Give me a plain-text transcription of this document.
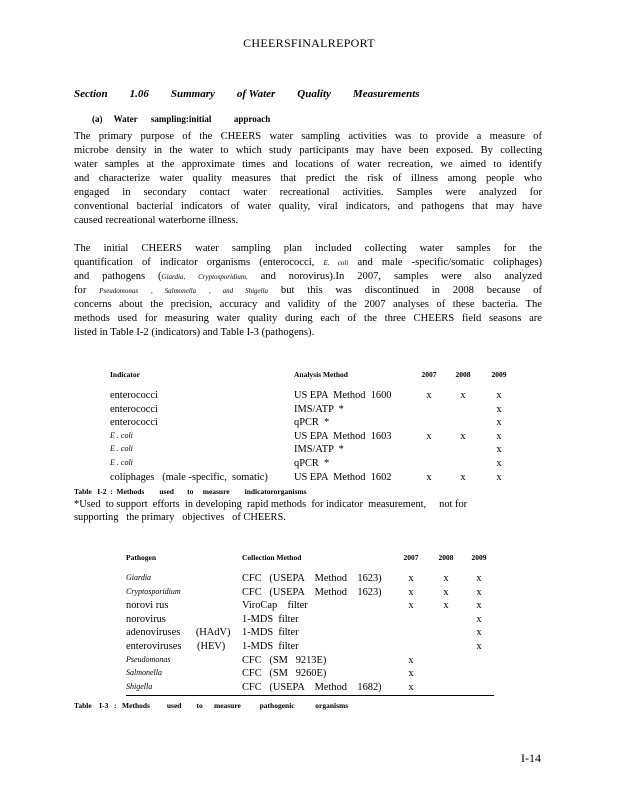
CHEERSFINALREPORT
Section 1.06 Summary of Water Quality Measurements
(a)     Water      sampling:initial          approach
The primary purpose of the CHEERS water sampling activities was to provide a measure of
microbe density in the water to which study participants may have been exposed. By collecting
water samples at the approximate times and locations of water recreation, we aimed to identify
and characterize water quality measures that predict the risk of illness among people who
engaged in secondary contact water recreational activities. Samples were analyzed for
conventional bacterial indicators of water quality, viral indicators, and pathogens that may have
caused recreational waterborne illness.
The initial CHEERS water sampling plan included collecting water samples for the
quantification of indicator organisms (enterococci, E. coli and male -specific/somatic coliphages)
and pathogens (Giardia, Cryptosporidium, and norovirus).In 2007, samples were also analyzed
for Pseudomonas , Salmonella , and Shigella but this was discontinued in 2008 because of
concerns about the precision, accuracy and validity of the 2007 analyses of these bacteria. The
methods used for measuring water quality during each of the three CHEERS field seasons are
listed in Table I-2 (indicators) and Table I-3 (pathogens).
Indicator	Analysis Method	2007	2008	2009
enterococci	US EPA  Method  1600	x	x	x
enterococci	IMS/ATP  *			x
enterococci	qPCR  *			x
E . coli	US EPA  Method  1603	x	x	x
E . coli	IMS/ATP  *			x
E . coli	qPCR  *			x
coliphages   (male -specific,  somatic)	US EPA  Method  1602	x	x	x
Table   I-2  :  Methods        used       to     measure        indicatororganisms
*Used  to support  efforts  in developing  rapid methods  for indicator  measurement,     not for
supporting   the primary   objectives   of CHEERS.
Pathogen	Collection Method	2007	2008	2009
Giardia	CFC   (USEPA    Method    1623)	x	x	x
Cryptosporidium	CFC   (USEPA    Method    1623)	x	x	x
norovi rus	ViroCap    filter	x	x	x
norovirus	1-MDS  filter			x
adenoviruses      (HAdV)	1-MDS  filter			x
enteroviruses      (HEV)	1-MDS  filter			x
Pseudomonas	CFC   (SM   9213E)	x		
Salmonella	CFC   (SM   9260E)	x		
Shigella	CFC   (USEPA    Method    1682)	x		
Table    I-3   :   Methods         used        to      measure          pathogenic           organisms
I-14
